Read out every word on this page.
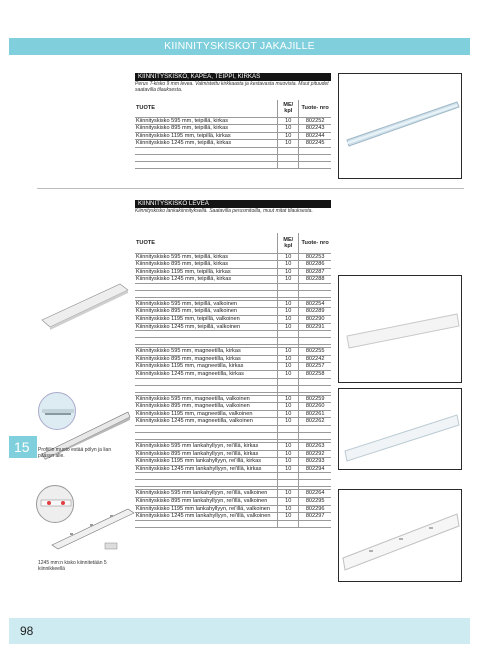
KIINNITYSKISKOT JAKAJILLE
KIINNITYSKISKO, KAPEA, TEIPPI, KIRKAS
Perus T-kisko 9 mm levea. Valmistettu kirkkaasta ja kestavasta muovista. Muut pituudet saatavilla tilauksesta.
TUOTE	ME/ kpl	Tuote- nro
Kiinnityskisko 595 mm, teipillä, kirkas	10	802252
Kiinnityskisko 895 mm, teipillä, kirkas	10	802243
Kiinnityskisko 1195 mm, teipillä, kirkas	10	802244
Kiinnityskisko 1245 mm, teipillä, kirkas	10	802245

KIINNITYSKISKO LEVEÄ
Kiinnityskisko lankakiinnityksellä. Saatavilla perusmitoilla, muut mitat tilauksesta.
TUOTE	ME/ kpl	Tuote- nro
Kiinnityskisko 595 mm, teipillä, kirkas	10	802253
Kiinnityskisko 895 mm, teipillä, kirkas	10	802286
Kiinnityskisko 1195 mm, teipillä, kirkas	10	802287
Kiinnityskisko 1245 mm, teipillä, kirkas	10	802288

Kiinnityskisko 595 mm, teipillä, valkoinen	10	802254
Kiinnityskisko 895 mm, teipillä, valkoinen	10	802289
Kiinnityskisko 1195 mm, teipillä, valkoinen	10	802290
Kiinnityskisko 1245 mm, teipillä, valkoinen	10	802291

Kiinnityskisko 595 mm, magneetilla, kirkas	10	802255
Kiinnityskisko 895 mm, magneetilla, kirkas	10	802242
Kiinnityskisko 1195 mm, magneetilla, kirkas	10	802257
Kiinnityskisko 1245 mm, magneetilla, kirkas	10	802258

Kiinnityskisko 595 mm, magneetilla, valkoinen	10	802259
Kiinnityskisko 895 mm, magneetilla, valkoinen	10	802260
Kiinnityskisko 1195 mm, magneetilla, valkoinen	10	802261
Kiinnityskisko 1245 mm, magneetilla, valkoinen	10	802262

Kiinnityskisko 595 mm lankahyllyyn, rei'illä, kirkas	10	802263
Kiinnityskisko 895 mm lankahyllyyn, rei'illä, kirkas	10	802292
Kiinnityskisko 1195 mm lankahyllyyn, rei'illä, kirkas	10	802293
Kiinnityskisko 1245 mm lankahyllyyn, rei'illä, kirkas	10	802294

Kiinnityskisko 595 mm lankahyllyyn, rei'illä, valkoinen	10	802264
Kiinnityskisko 895 mm lankahyllyyn, rei'illä, valkoinen	10	802295
Kiinnityskisko 1195 mm lankahyllyyn, rei'illä, valkoinen	10	802296
Kiinnityskisko 1245 mm lankahyllyyn, rei'illä, valkoinen	10	802297

15	Profiilin muoto estää pölyn ja lian pääsyn alle.
1245 mm:n kisko kiinnitetään 5 kiinnikkeellä
98
